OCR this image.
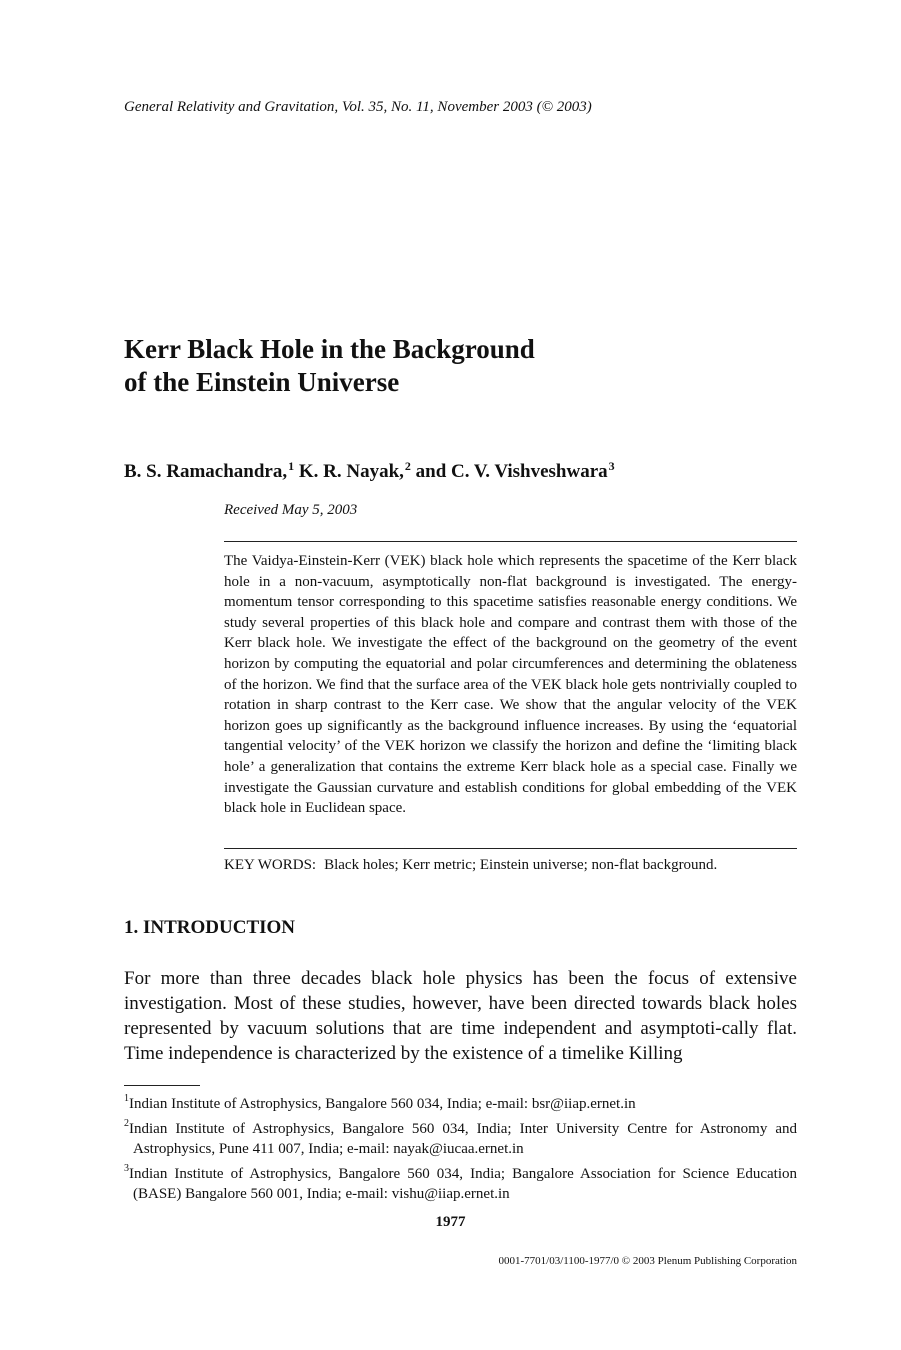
General Relativity and Gravitation, Vol. 35, No. 11, November 2003 (© 2003)
Kerr Black Hole in the Background
of the Einstein Universe
B. S. Ramachandra,$^1$ K. R. Nayak,$^2$ and C. V. Vishveshwara$^3$
Received May 5, 2003
The Vaidya-Einstein-Kerr (VEK) black hole which represents the spacetime of the Kerr black hole in a non-vacuum, asymptotically non-flat background is investigated. The energy-momentum tensor corresponding to this spacetime satisfies reasonable energy conditions. We study several properties of this black hole and compare and contrast them with those of the Kerr black hole. We investigate the effect of the background on the geometry of the event horizon by computing the equatorial and polar circumferences and determining the oblateness of the horizon. We find that the surface area of the VEK black hole gets nontrivially coupled to rotation in sharp contrast to the Kerr case. We show that the angular velocity of the VEK horizon goes up significantly as the background influence increases. By using the ‘equatorial tangential velocity’ of the VEK horizon we classify the horizon and define the ‘limiting black hole’ a generalization that contains the extreme Kerr black hole as a special case. Finally we investigate the Gaussian curvature and establish conditions for global embedding of the VEK black hole in Euclidean space.
KEY WORDS: Black holes; Kerr metric; Einstein universe; non-flat background.
1. INTRODUCTION
For more than three decades black hole physics has been the focus of extensive investigation. Most of these studies, however, have been directed towards black holes represented by vacuum solutions that are time independent and asymptoti-cally flat. Time independence is characterized by the existence of a timelike Killing
$^1$Indian Institute of Astrophysics, Bangalore 560 034, India; e-mail: bsr@iiap.ernet.in
$^2$Indian Institute of Astrophysics, Bangalore 560 034, India; Inter University Centre for Astronomy and Astrophysics, Pune 411 007, India; e-mail: nayak@iucaa.ernet.in
$^3$Indian Institute of Astrophysics, Bangalore 560 034, India; Bangalore Association for Science Education (BASE) Bangalore 560 001, India; e-mail: vishu@iiap.ernet.in
1977
0001-7701/03/1100-1977/0 © 2003 Plenum Publishing Corporation
